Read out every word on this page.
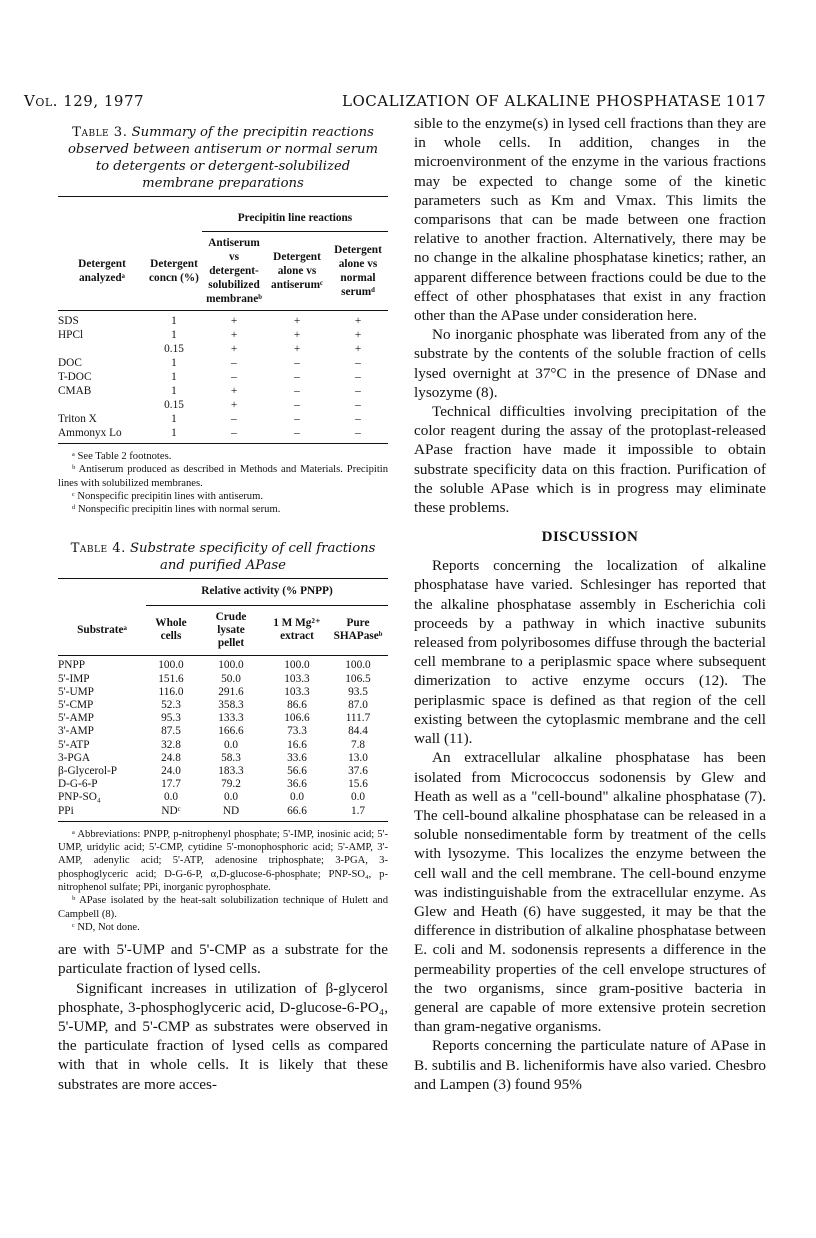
Vol. 129, 1977	LOCALIZATION OF ALKALINE PHOSPHATASE 1017
Table 3. Summary of the precipitin reactions observed between antiserum or normal serum to detergents or detergent-solubilized membrane preparations
		Precipitin line reactions		
Detergent analyzedᵃ	Detergent concn (%)	Antiserum vs detergent-solubilized membraneᵇ	Detergent alone vs antiserumᶜ	Detergent alone vs normal serumᵈ
SDS	1	+	+	+
HPCl	1	+	+	+
	0.15	+	+	+
DOC	1	–	–	–
T-DOC	1	–	–	–
CMAB	1	+	–	–
	0.15	+	–	–
Triton X	1	–	–	–
Ammonyx Lo	1	–	–	–
ᵃ See Table 2 footnotes.
ᵇ Antiserum produced as described in Methods and Materials. Precipitin lines with solubilized membranes.
ᶜ Nonspecific precipitin lines with antiserum.
ᵈ Nonspecific precipitin lines with normal serum.
Table 4. Substrate specificity of cell fractions and purified APase
	Relative activity (% PNPP)			
Substrateᵃ	Whole cells	Crude lysate pellet	1 M Mg²⁺ extract	Pure SHAPaseᵇ
PNPP	100.0	100.0	100.0	100.0
5'-IMP	151.6	50.0	103.3	106.5
5'-UMP	116.0	291.6	103.3	93.5
5'-CMP	52.3	358.3	86.6	87.0
5'-AMP	95.3	133.3	106.6	111.7
3'-AMP	87.5	166.6	73.3	84.4
5'-ATP	32.8	0.0	16.6	7.8
3-PGA	24.8	58.3	33.6	13.0
β-Glycerol-P	24.0	183.3	56.6	37.6
D-G-6-P	17.7	79.2	36.6	15.6
PNP-SO₄	0.0	0.0	0.0	0.0
PPi	NDᶜ	ND	66.6	1.7
ᵃ Abbreviations: PNPP, p-nitrophenyl phosphate; 5'-IMP, inosinic acid; 5'-UMP, uridylic acid; 5'-CMP, cytidine 5'-monophosphoric acid; 5'-AMP, 3'-AMP, adenylic acid; 5'-ATP, adenosine triphosphate; 3-PGA, 3-phosphoglyceric acid; D-G-6-P, α,D-glucose-6-phosphate; PNP-SO₄, p-nitrophenol sulfate; PPi, inorganic pyrophosphate.
ᵇ APase isolated by the heat-salt solubilization technique of Hulett and Campbell (8).
ᶜ ND, Not done.

are with 5'-UMP and 5'-CMP as a substrate for the particulate fraction of lysed cells.

Significant increases in utilization of β-glycerol phosphate, 3-phosphoglyceric acid, D-glucose-6-PO₄, 5'-UMP, and 5'-CMP as substrates were observed in the particulate fraction of lysed cells as compared with that in whole cells. It is likely that these substrates are more acces-

sible to the enzyme(s) in lysed cell fractions than they are in whole cells. In addition, changes in the microenvironment of the enzyme in the various fractions may be expected to change some of the kinetic parameters such as Km and Vmax. This limits the comparisons that can be made between one fraction relative to another fraction. Alternatively, there may be no change in the alkaline phosphatase kinetics; rather, an apparent difference between fractions could be due to the effect of other phosphatases that exist in any fraction other than the APase under consideration here.

No inorganic phosphate was liberated from any of the substrate by the contents of the soluble fraction of cells lysed overnight at 37°C in the presence of DNase and lysozyme (8).

Technical difficulties involving precipitation of the color reagent during the assay of the protoplast-released APase fraction have made it impossible to obtain substrate specificity data on this fraction. Purification of the soluble APase which is in progress may eliminate these problems.

DISCUSSION

Reports concerning the localization of alkaline phosphatase have varied. Schlesinger has reported that the alkaline phosphatase assembly in Escherichia coli proceeds by a pathway in which inactive subunits released from polyribosomes diffuse through the bacterial cell membrane to a periplasmic space where subsequent dimerization to active enzyme occurs (12). The periplasmic space is defined as that region of the cell existing between the cytoplasmic membrane and the cell wall (11).

An extracellular alkaline phosphatase has been isolated from Micrococcus sodonensis by Glew and Heath as well as a "cell-bound" alkaline phosphatase (7). The cell-bound alkaline phosphatase can be released in a soluble nonsedimentable form by treatment of the cells with lysozyme. This localizes the enzyme between the cell wall and the cell membrane. The cell-bound enzyme was indistinguishable from the extracellular enzyme. As Glew and Heath (6) have suggested, it may be that the difference in distribution of alkaline phosphatase between E. coli and M. sodonensis represents a difference in the permeability properties of the cell envelope structures of the two organisms, since gram-positive bacteria in general are capable of more extensive protein secretion than gram-negative organisms.

Reports concerning the particulate nature of APase in B. subtilis and B. licheniformis have also varied. Chesbro and Lampen (3) found 95%
